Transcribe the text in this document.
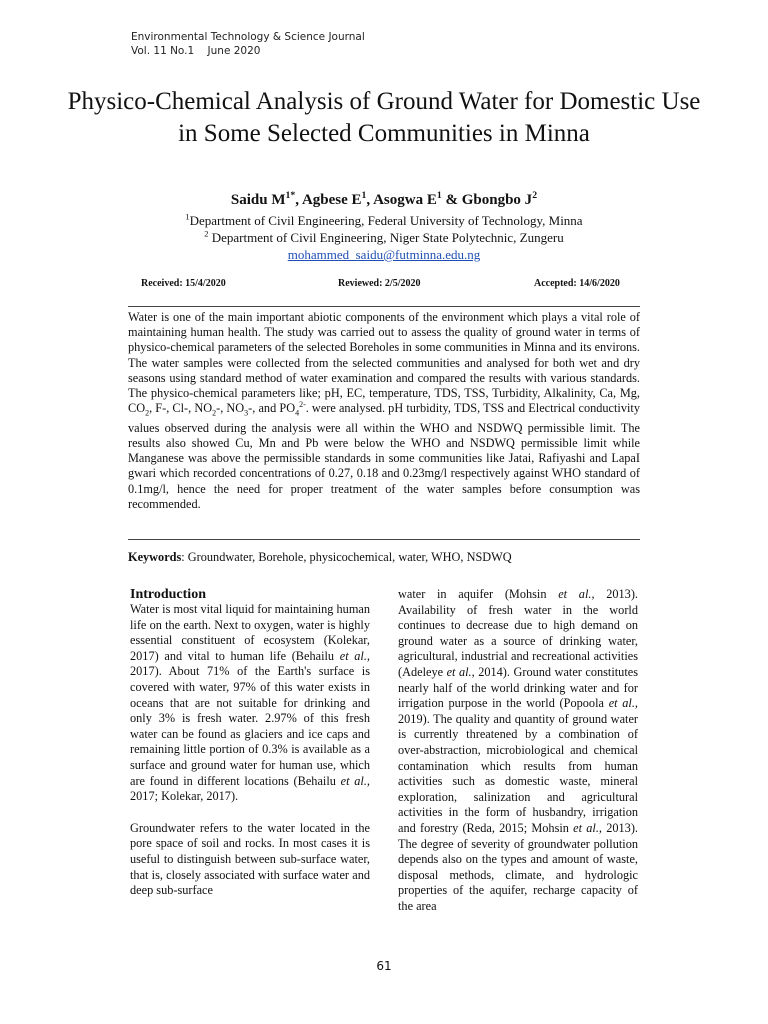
Environmental Technology & Science Journal
Vol. 11 No.1    June 2020
Physico-Chemical Analysis of Ground Water for Domestic Use in Some Selected Communities in Minna
Saidu $M^{1*}$, Agbese $E^1$, Asogwa $E^1$ & Gbongbo $J^2$
$^1$Department of Civil Engineering, Federal University of Technology, Minna
$^2$ Department of Civil Engineering, Niger State Polytechnic, Zungeru
mohammed_saidu@futminna.edu.ng
Received: 15/4/2020	Reviewed: 2/5/2020	Accepted: 14/6/2020
Water is one of the main important abiotic components of the environment which plays a vital role of maintaining human health. The study was carried out to assess the quality of ground water in terms of physico-chemical parameters of the selected Boreholes in some communities in Minna and its environs. The water samples were collected from the selected communities and analysed for both wet and dry seasons using standard method of water examination and compared the results with various standards. The physico-chemical parameters like; pH, EC, temperature, TDS, TSS, Turbidity, Alkalinity, Ca, Mg, $CO_2$, F-, Cl-, $NO_2-$, $NO_3-$, and $PO_4^{2-}$. were analysed. pH turbidity, TDS, TSS and Electrical conductivity values observed during the analysis were all within the WHO and NSDWQ permissible limit. The results also showed Cu, Mn and Pb were below the WHO and NSDWQ permissible limit while Manganese was above the permissible standards in some communities like Jatai, Rafiyashi and LapaI gwari which recorded concentrations of 0.27, 0.18 and 0.23mg/l respectively against WHO standard of 0.1mg/l, hence the need for proper treatment of the water samples before consumption was recommended.
Keywords: Groundwater, Borehole, physicochemical, water, WHO, NSDWQ
Introduction
Water is most vital liquid for maintaining human life on the earth. Next to oxygen, water is highly essential constituent of ecosystem (Kolekar, 2017) and vital to human life (Behailu et al., 2017). About 71% of the Earth's surface is covered with water, 97% of this water exists in oceans that are not suitable for drinking and only 3% is fresh water. 2.97% of this fresh water can be found as glaciers and ice caps and remaining little portion of 0.3% is available as a surface and ground water for human use, which are found in different locations (Behailu et al., 2017; Kolekar, 2017).
Groundwater refers to the water located in the pore space of soil and rocks. In most cases it is useful to distinguish between sub-surface water, that is, closely associated with surface water and deep sub-surface
water in aquifer (Mohsin et al., 2013). Availability of fresh water in the world continues to decrease due to high demand on ground water as a source of drinking water, agricultural, industrial and recreational activities (Adeleye et al., 2014). Ground water constitutes nearly half of the world drinking water and for irrigation purpose in the world (Popoola et al., 2019). The quality and quantity of ground water is currently threatened by a combination of over-abstraction, microbiological and chemical contamination which results from human activities such as domestic waste, mineral exploration, salinization and agricultural activities in the form of husbandry, irrigation and forestry (Reda, 2015; Mohsin et al., 2013). The degree of severity of groundwater pollution depends also on the types and amount of waste, disposal methods, climate, and hydrologic properties of the aquifer, recharge capacity of the area
61
